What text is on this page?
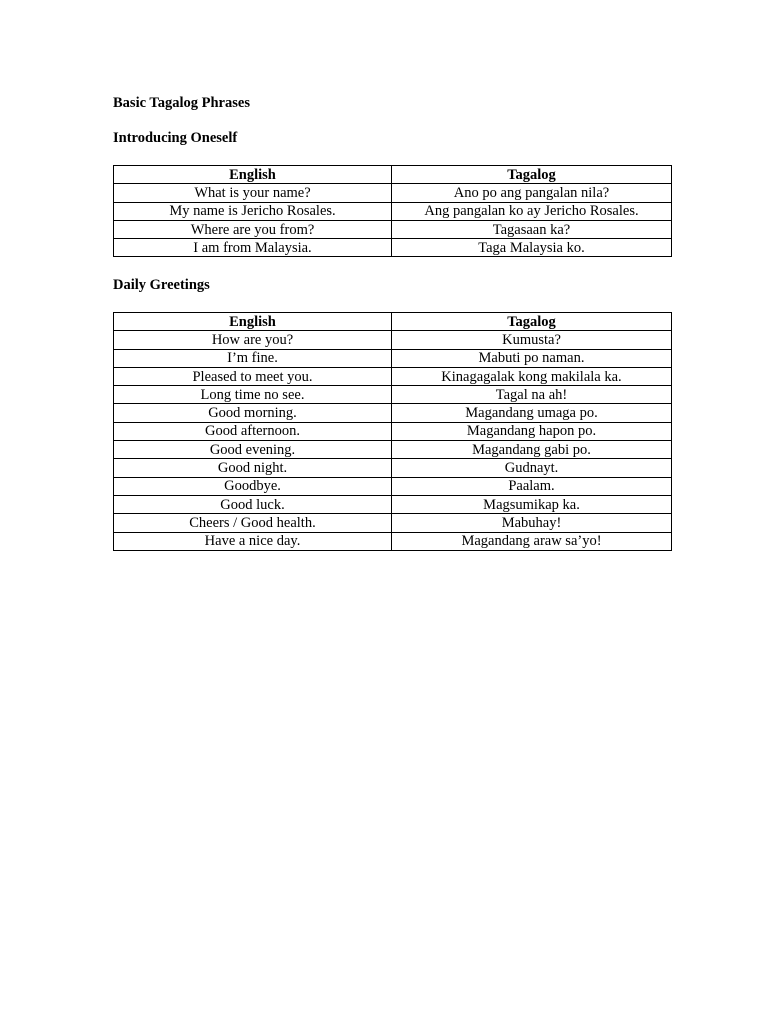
Basic Tagalog Phrases
Introducing Oneself
English	Tagalog
What is your name?	Ano po ang pangalan nila?
My name is Jericho Rosales.	Ang pangalan ko ay Jericho Rosales.
Where are you from?	Tagasaan ka?
I am from Malaysia.	Taga Malaysia ko.
Daily Greetings
English	Tagalog
How are you?	Kumusta?
I’m fine.	Mabuti po naman.
Pleased to meet you.	Kinagagalak kong makilala ka.
Long time no see.	Tagal na ah!
Good morning.	Magandang umaga po.
Good afternoon.	Magandang hapon po.
Good evening.	Magandang gabi po.
Good night.	Gudnayt.
Goodbye.	Paalam.
Good luck.	Magsumikap ka.
Cheers / Good health.	Mabuhay!
Have a nice day.	Magandang araw sa’yo!
